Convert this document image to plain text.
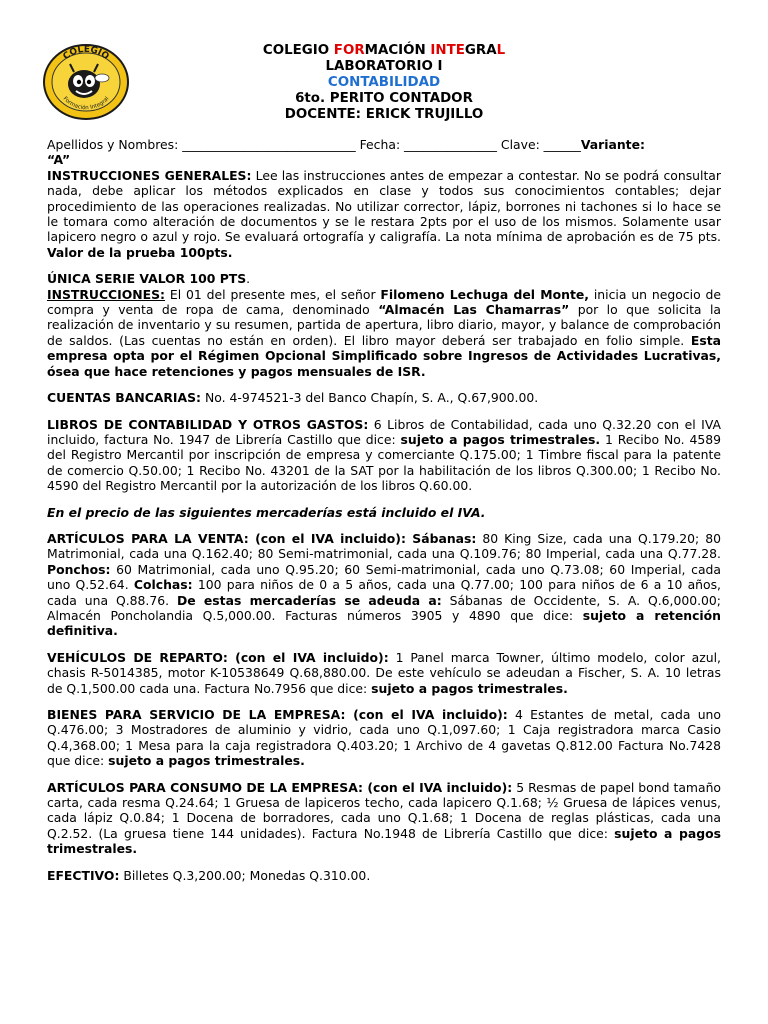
COLEGIO
Formación Integral
COLEGIO FORMACIÓN INTEGRAL
LABORATORIO I
CONTABILIDAD
6to. PERITO CONTADOR
DOCENTE: ERICK TRUJILLO

Apellidos y Nombres: ____________________________ Fecha: _______________ Clave: ______Variante:
“A”

INSTRUCCIONES GENERALES: Lee las instrucciones antes de empezar a contestar. No se podrá consultar nada, debe aplicar los métodos explicados en clase y todos sus conocimientos contables; dejar procedimiento de las operaciones realizadas. No utilizar corrector, lápiz, borrones ni tachones si lo hace se le tomara como alteración de documentos y se le restara 2pts por el uso de los mismos. Solamente usar lapicero negro o azul y rojo. Se evaluará ortografía y caligrafía. La nota mínima de aprobación es de 75 pts. Valor de la prueba 100pts.

ÚNICA SERIE VALOR 100 PTS.

INSTRUCCIONES: El 01 del presente mes, el señor Filomeno Lechuga del Monte, inicia un negocio de compra y venta de ropa de cama, denominado “Almacén Las Chamarras” por lo que solicita la realización de inventario y su resumen, partida de apertura, libro diario, mayor, y balance de comprobación de saldos. (Las cuentas no están en orden). El libro mayor deberá ser trabajado en folio simple. Esta empresa opta por el Régimen Opcional Simplificado sobre Ingresos de Actividades Lucrativas, ósea que hace retenciones y pagos mensuales de ISR.

CUENTAS BANCARIAS: No. 4-974521-3 del Banco Chapín, S. A., Q.67,900.00.

LIBROS DE CONTABILIDAD Y OTROS GASTOS: 6 Libros de Contabilidad, cada uno Q.32.20 con el IVA incluido, factura No. 1947 de Librería Castillo que dice: sujeto a pagos trimestrales. 1 Recibo No. 4589 del Registro Mercantil por inscripción de empresa y comerciante Q.175.00; 1 Timbre fiscal para la patente de comercio Q.50.00; 1 Recibo No. 43201 de la SAT por la habilitación de los libros Q.300.00; 1 Recibo No. 4590 del Registro Mercantil por la autorización de los libros Q.60.00.

En el precio de las siguientes mercaderías está incluido el IVA.

ARTÍCULOS PARA LA VENTA: (con el IVA incluido): Sábanas: 80 King Size, cada una Q.179.20; 80 Matrimonial, cada una Q.162.40; 80 Semi-matrimonial, cada una Q.109.76; 80 Imperial, cada una Q.77.28. Ponchos: 60 Matrimonial, cada uno Q.95.20; 60 Semi-matrimonial, cada uno Q.73.08; 60 Imperial, cada uno Q.52.64. Colchas: 100 para niños de 0 a 5 años, cada una Q.77.00; 100 para niños de 6 a 10 años, cada una Q.88.76. De estas mercaderías se adeuda a: Sábanas de Occidente, S. A. Q.6,000.00; Almacén Poncholandia Q.5,000.00. Facturas números 3905 y 4890 que dice: sujeto a retención definitiva.

VEHÍCULOS DE REPARTO: (con el IVA incluido): 1 Panel marca Towner, último modelo, color azul, chasis R-5014385, motor K-10538649 Q.68,880.00. De este vehículo se adeudan a Fischer, S. A. 10 letras de Q.1,500.00 cada una. Factura No.7956 que dice: sujeto a pagos trimestrales.

BIENES PARA SERVICIO DE LA EMPRESA: (con el IVA incluido): 4 Estantes de metal, cada uno Q.476.00; 3 Mostradores de aluminio y vidrio, cada uno Q.1,097.60; 1 Caja registradora marca Casio Q.4,368.00; 1 Mesa para la caja registradora Q.403.20; 1 Archivo de 4 gavetas Q.812.00 Factura No.7428 que dice: sujeto a pagos trimestrales.

ARTÍCULOS PARA CONSUMO DE LA EMPRESA: (con el IVA incluido): 5 Resmas de papel bond tamaño carta, cada resma Q.24.64; 1 Gruesa de lapiceros techo, cada lapicero Q.1.68; ½ Gruesa de lápices venus, cada lápiz Q.0.84; 1 Docena de borradores, cada uno Q.1.68; 1 Docena de reglas plásticas, cada una Q.2.52. (La gruesa tiene 144 unidades). Factura No.1948 de Librería Castillo que dice: sujeto a pagos trimestrales.

EFECTIVO: Billetes Q.3,200.00; Monedas Q.310.00.
